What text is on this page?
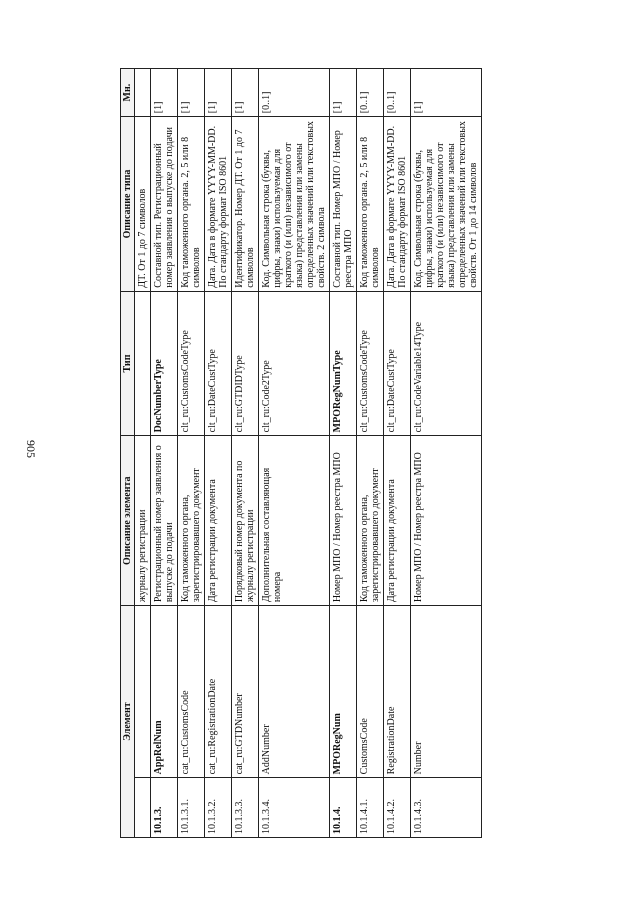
905
Элемент		Описание элемента	Тип	Описание типа	Мн.
		журналу регистрации		ДТ. От 1 до 7 символов	
10.1.3.	AppRelNum	Регистрационный номер заявления о выпуске до подачи	DocNumberType	Составной тип. Регистрационный номер заявления о выпуске до подачи	[1]
10.1.3.1.	cat_ru:CustomsCode	Код таможенного органа, зарегистрировавшего документ	clt_ru:CustomsCodeType	Код таможенного органа. 2, 5 или 8 символов	[1]
10.1.3.2.	cat_ru:RegistrationDate	Дата регистрации документа	clt_ru:DateCustType	Дата. Дата в формате YYYY-MM-DD. По стандарту формат ISO 8601	[1]
10.1.3.3.	cat_ru:GTDNumber	Порядковый номер документа по журналу регистрации	clt_ru:GTDIDType	Идентификатор. Номер ДТ. От 1 до 7 символов	[1]
10.1.3.4.	AddNumber	Дополнительная составляющая номера	clt_ru:Code2Type	Код. Символьная строка (буквы, цифры, знаки) используемая для краткого (и (или) независимого от языка) представления или замены определенных значений или текстовых свойств. 2 символа	[0..1]
10.1.4.	MPORegNum	Номер МПО / Номер реестра МПО	MPORegNumType	Составной тип. Номер МПО / Номер реестра МПО	[1]
10.1.4.1.	CustomsCode	Код таможенного органа, зарегистрировавшего документ	clt_ru:CustomsCodeType	Код таможенного органа. 2, 5 или 8 символов	[0..1]
10.1.4.2.	RegistrationDate	Дата регистрации документа	clt_ru:DateCustType	Дата. Дата в формате YYYY-MM-DD. По стандарту формат ISO 8601	[0..1]
10.1.4.3.	Number	Номер МПО / Номер реестра МПО	clt_ru:CodeVariable14Type	Код. Символьная строка (буквы, цифры, знаки) используемая для краткого (и (или) независимого от языка) представления или замены определенных значений или текстовых свойств. От 1 до 14 символов	[1]
